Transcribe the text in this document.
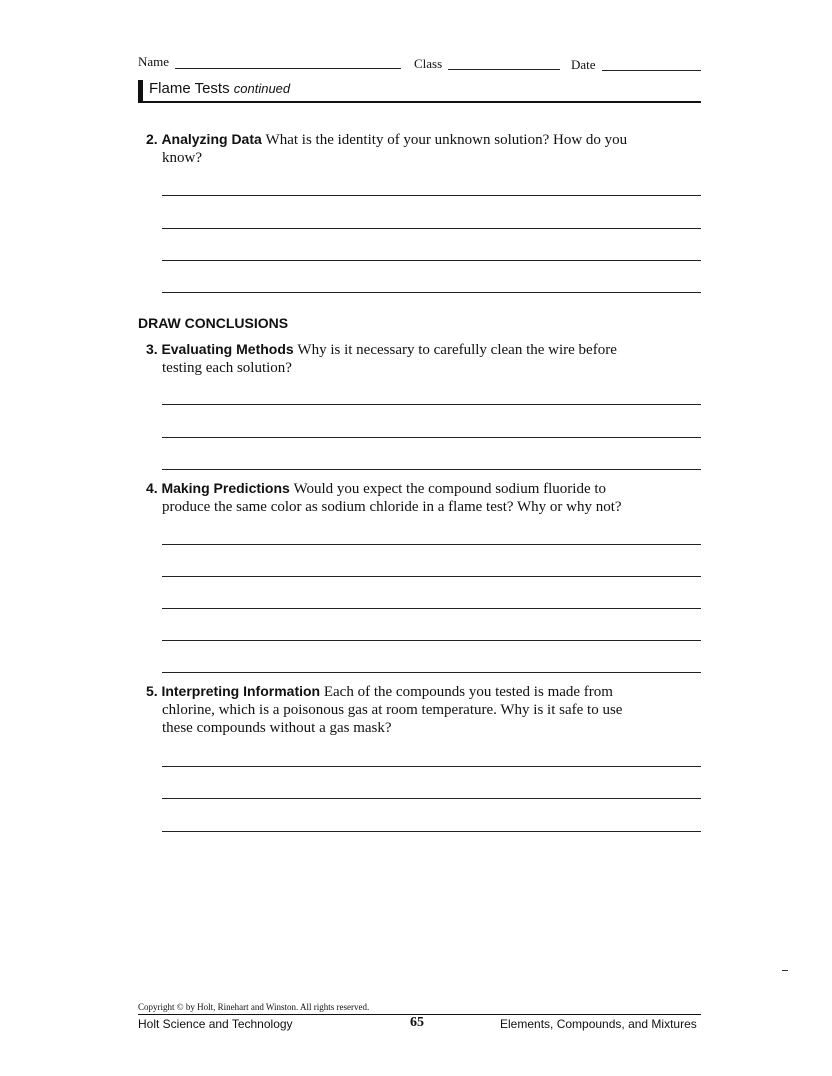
Name	Class	Date
Flame Tests continued
2. Analyzing Data What is the identity of your unknown solution? How do you
know?
DRAW CONCLUSIONS
3. Evaluating Methods Why is it necessary to carefully clean the wire before
testing each solution?
4. Making Predictions Would you expect the compound sodium fluoride to
produce the same color as sodium chloride in a flame test? Why or why not?
5. Interpreting Information Each of the compounds you tested is made from
chlorine, which is a poisonous gas at room temperature. Why is it safe to use
these compounds without a gas mask?
Copyright © by Holt, Rinehart and Winston. All rights reserved.
Holt Science and Technology	65	Elements, Compounds, and Mixtures
